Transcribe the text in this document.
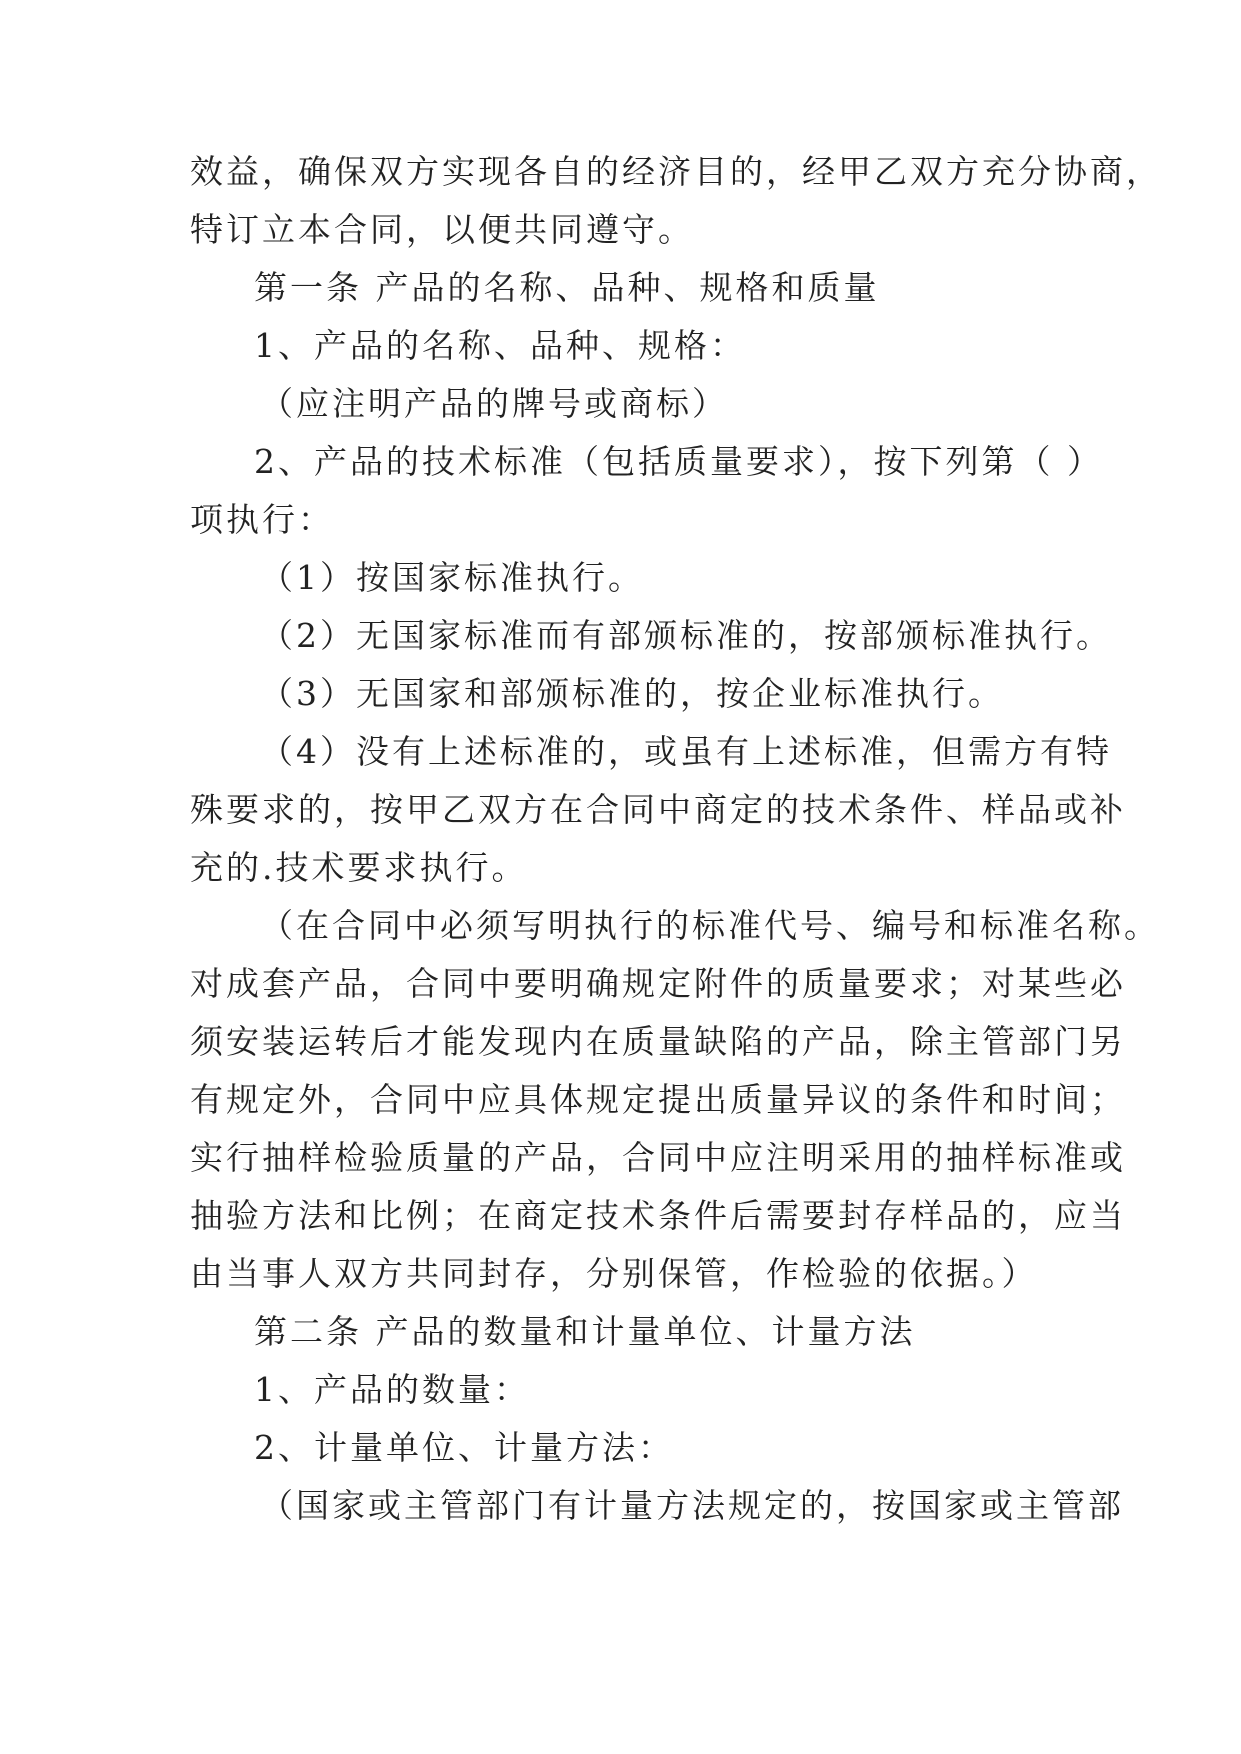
效益，确保双方实现各自的经济目的，经甲乙双方充分协商，
特订立本合同，以便共同遵守。
第一条 产品的名称、品种、规格和质量
1、产品的名称、品种、规格：
（应注明产品的牌号或商标）
2、产品的技术标准（包括质量要求），按下列第（ ）
项执行：
（1）按国家标准执行。
（2）无国家标准而有部颁标准的，按部颁标准执行。
（3）无国家和部颁标准的，按企业标准执行。
（4）没有上述标准的，或虽有上述标准，但需方有特
殊要求的，按甲乙双方在合同中商定的技术条件、样品或补
充的.技术要求执行。
（在合同中必须写明执行的标准代号、编号和标准名称。
对成套产品，合同中要明确规定附件的质量要求；对某些必
须安装运转后才能发现内在质量缺陷的产品，除主管部门另
有规定外，合同中应具体规定提出质量异议的条件和时间；
实行抽样检验质量的产品，合同中应注明采用的抽样标准或
抽验方法和比例；在商定技术条件后需要封存样品的，应当
由当事人双方共同封存，分别保管，作检验的依据。）
第二条 产品的数量和计量单位、计量方法
1、产品的数量：
2、计量单位、计量方法：
（国家或主管部门有计量方法规定的，按国家或主管部
